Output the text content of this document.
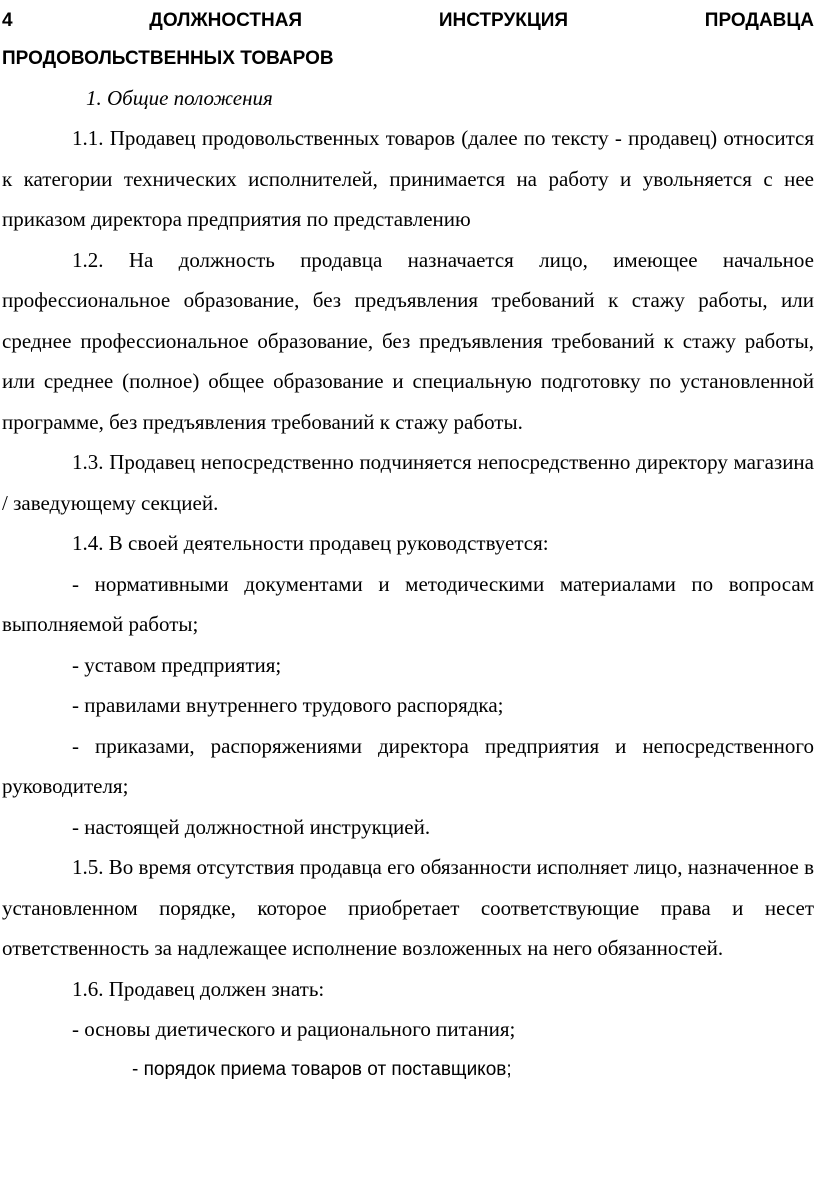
4 ДОЛЖНОСТНАЯ ИНСТРУКЦИЯ ПРОДАВЦА
ПРОДОВОЛЬСТВЕННЫХ ТОВАРОВ

1. Общие положения

1.1. Продавец продовольственных товаров (далее по тексту - продавец) относится к категории технических исполнителей, принимается на работу и увольняется с нее приказом директора предприятия по представлению

1.2. На должность продавца назначается лицо, имеющее начальное профессиональное образование, без предъявления требований к стажу работы, или среднее профессиональное образование, без предъявления требований к стажу работы, или среднее (полное) общее образование и специальную подготовку по установленной программе, без предъявления требований к стажу работы.

1.3. Продавец непосредственно подчиняется непосредственно директору магазина / заведующему секцией.

1.4. В своей деятельности продавец руководствуется:

- нормативными документами и методическими материалами по вопросам выполняемой работы;

- уставом предприятия;

- правилами внутреннего трудового распорядка;

- приказами, распоряжениями директора предприятия и непосредственного руководителя;

- настоящей должностной инструкцией.

1.5. Во время отсутствия продавца его обязанности исполняет лицо, назначенное в установленном порядке, которое приобретает соответствующие права и несет ответственность за надлежащее исполнение возложенных на него обязанностей.

1.6. Продавец должен знать:

- основы диетического и рационального питания;

- порядок приема товаров от поставщиков;
